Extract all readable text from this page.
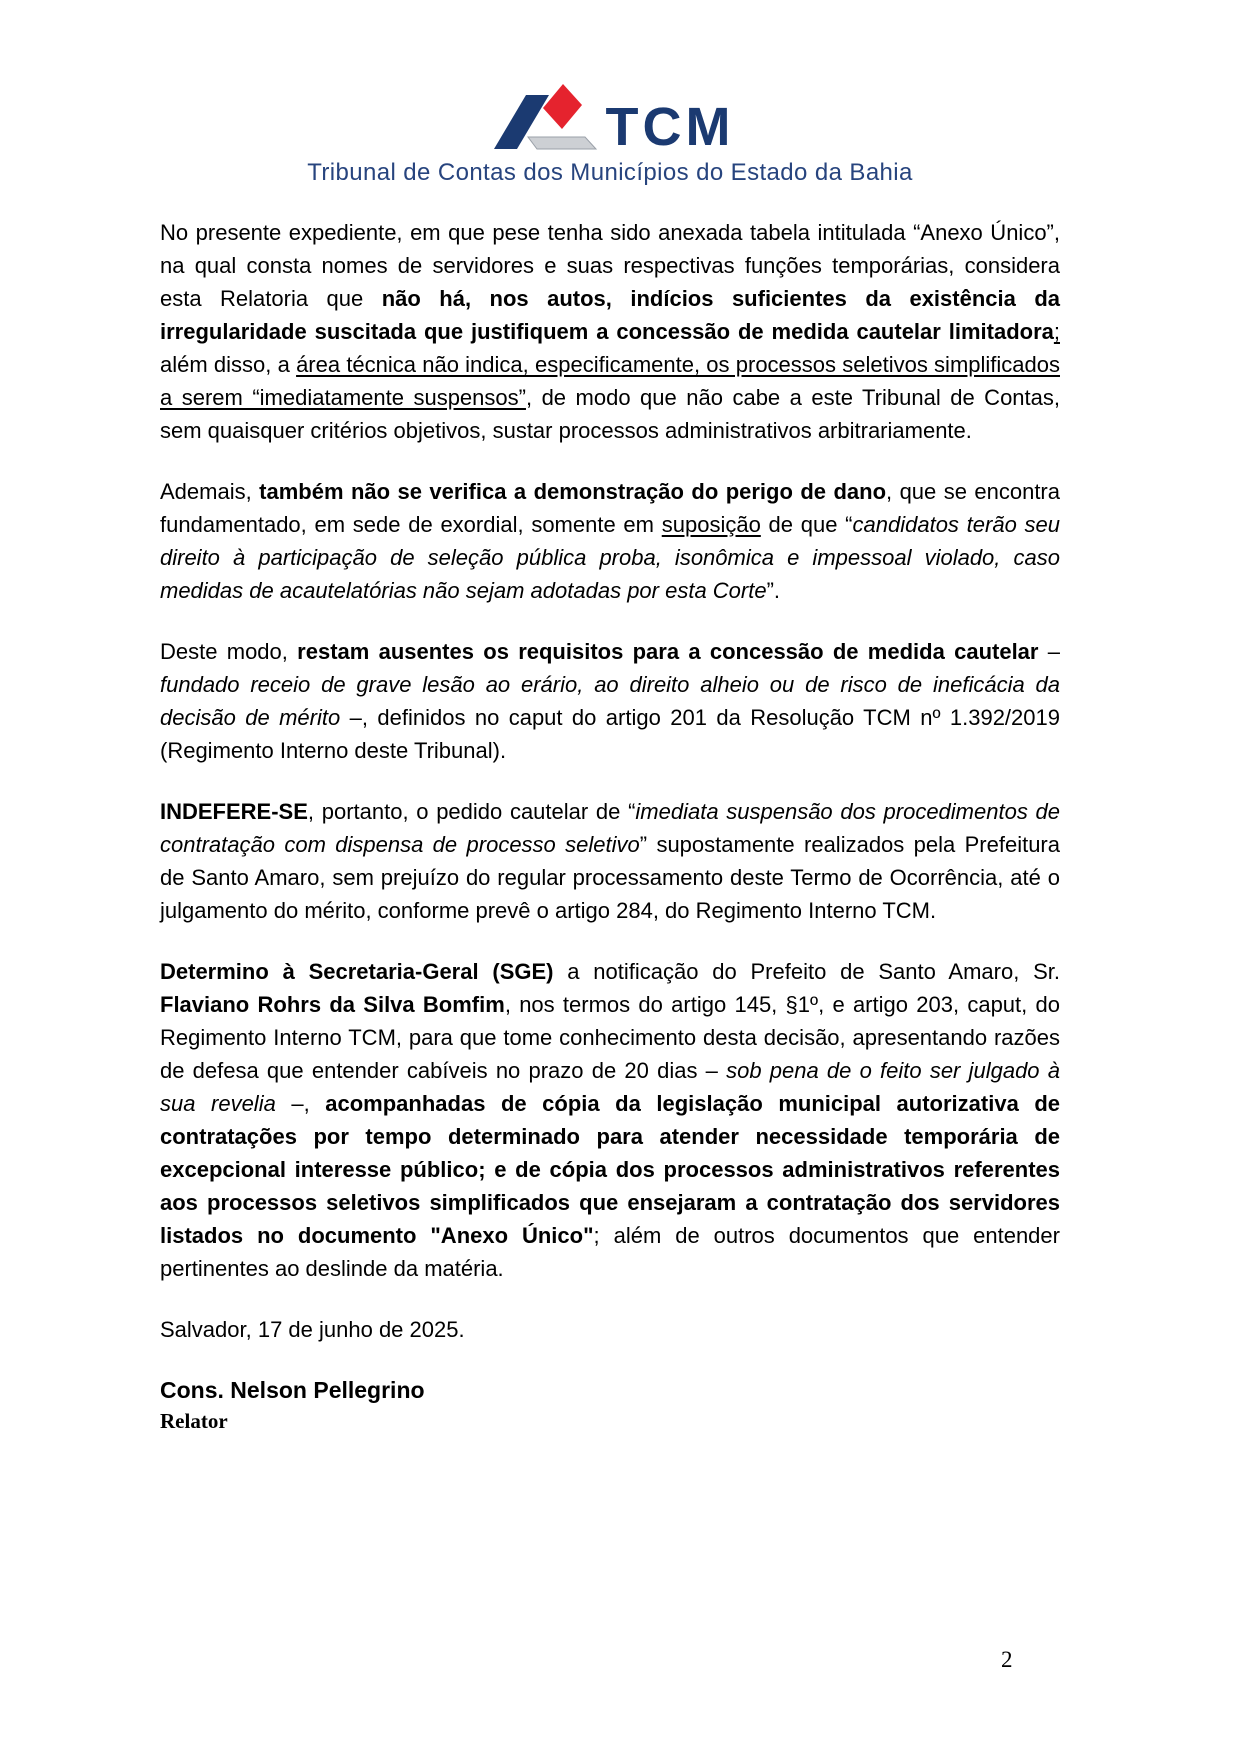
TCM
Tribunal de Contas dos Municípios do Estado da Bahia

No presente expediente, em que pese tenha sido anexada tabela intitulada “Anexo Único”, na qual consta nomes de servidores e suas respectivas funções temporárias, considera esta Relatoria que não há, nos autos, indícios suficientes da existência da irregularidade suscitada que justifiquem a concessão de medida cautelar limitadora; além disso, a área técnica não indica, especificamente, os processos seletivos simplificados a serem “imediatamente suspensos”, de modo que não cabe a este Tribunal de Contas, sem quaisquer critérios objetivos, sustar processos administrativos arbitrariamente.

Ademais, também não se verifica a demonstração do perigo de dano, que se encontra fundamentado, em sede de exordial, somente em suposição de que “candidatos terão seu direito à participação de seleção pública proba, isonômica e impessoal violado, caso medidas de acautelatórias não sejam adotadas por esta Corte”.

Deste modo, restam ausentes os requisitos para a concessão de medida cautelar – fundado receio de grave lesão ao erário, ao direito alheio ou de risco de ineficácia da decisão de mérito –, definidos no caput do artigo 201 da Resolução TCM nº 1.392/2019 (Regimento Interno deste Tribunal).

INDEFERE-SE, portanto, o pedido cautelar de “imediata suspensão dos procedimentos de contratação com dispensa de processo seletivo” supostamente realizados pela Prefeitura de Santo Amaro, sem prejuízo do regular processamento deste Termo de Ocorrência, até o julgamento do mérito, conforme prevê o artigo 284, do Regimento Interno TCM.

Determino à Secretaria-Geral (SGE) a notificação do Prefeito de Santo Amaro, Sr. Flaviano Rohrs da Silva Bomfim, nos termos do artigo 145, §1º, e artigo 203, caput, do Regimento Interno TCM, para que tome conhecimento desta decisão, apresentando razões de defesa que entender cabíveis no prazo de 20 dias – sob pena de o feito ser julgado à sua revelia –, acompanhadas de cópia da legislação municipal autorizativa de contratações por tempo determinado para atender necessidade temporária de excepcional interesse público; e de cópia dos processos administrativos referentes aos processos seletivos simplificados que ensejaram a contratação dos servidores listados no documento "Anexo Único"; além de outros documentos que entender pertinentes ao deslinde da matéria.

Salvador, 17 de junho de 2025.

Cons. Nelson Pellegrino
Relator
2
